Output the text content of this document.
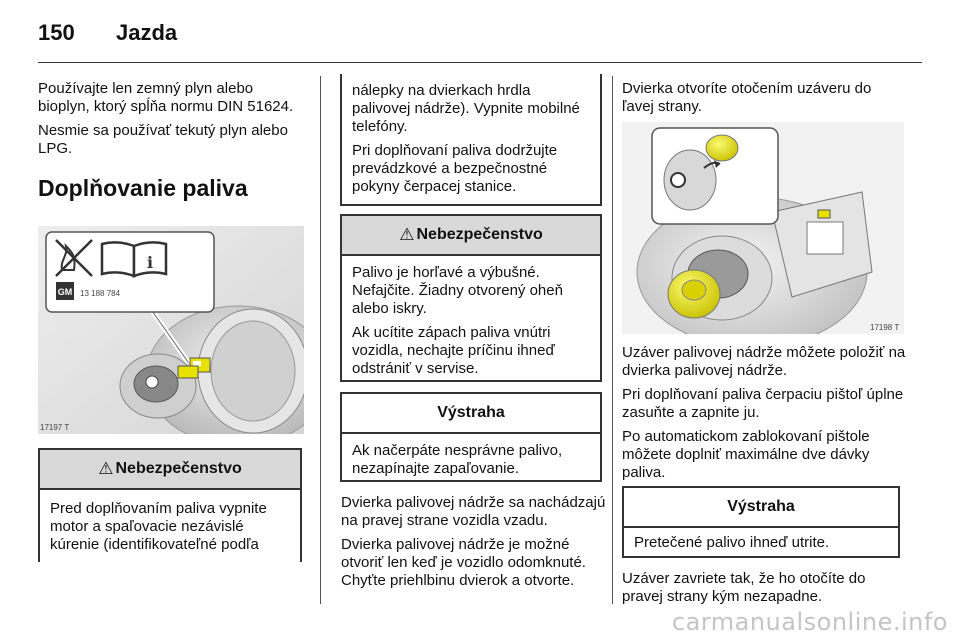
150 Jazda

Používajte len zemný plyn alebo bioplyn, ktorý spĺňa normu DIN 51624.

Nesmie sa používať tekutý plyn alebo LPG.

Doplňovanie paliva
i
GM 13 188 784
17197 T
⚠ Nebezpečenstvo

Pred doplňovaním paliva vypnite motor a spaľovacie nezávislé kúrenie (identifikovateľné podľa

nálepky na dvierkach hrdla palivovej nádrže). Vypnite mobilné telefóny.

Pri doplňovaní paliva dodržujte prevádzkové a bezpečnostné pokyny čerpacej stanice.

⚠ Nebezpečenstvo

Palivo je horľavé a výbušné. Nefajčite. Žiadny otvorený oheň alebo iskry.

Ak ucítite zápach paliva vnútri vozidla, nechajte príčinu ihneď odstrániť v servise.

Výstraha

Ak načerpáte nesprávne palivo, nezapínajte zapaľovanie.

Dvierka palivovej nádrže sa nachádzajú na pravej strane vozidla vzadu.

Dvierka palivovej nádrže je možné otvoriť len keď je vozidlo odomknuté. Chyťte priehlbinu dvierok a otvorte.

Dvierka otvoríte otočením uzáveru do ľavej strany.

17198 T

Uzáver palivovej nádrže môžete položiť na dvierka palivovej nádrže.

Pri doplňovaní paliva čerpaciu pištoľ úplne zasuňte a zapnite ju.

Po automatickom zablokovaní pištole môžete doplniť maximálne dve dávky paliva.

Výstraha

Pretečené palivo ihneď utrite.

Uzáver zavriete tak, že ho otočíte do pravej strany kým nezapadne.

carmanualsonline.info
